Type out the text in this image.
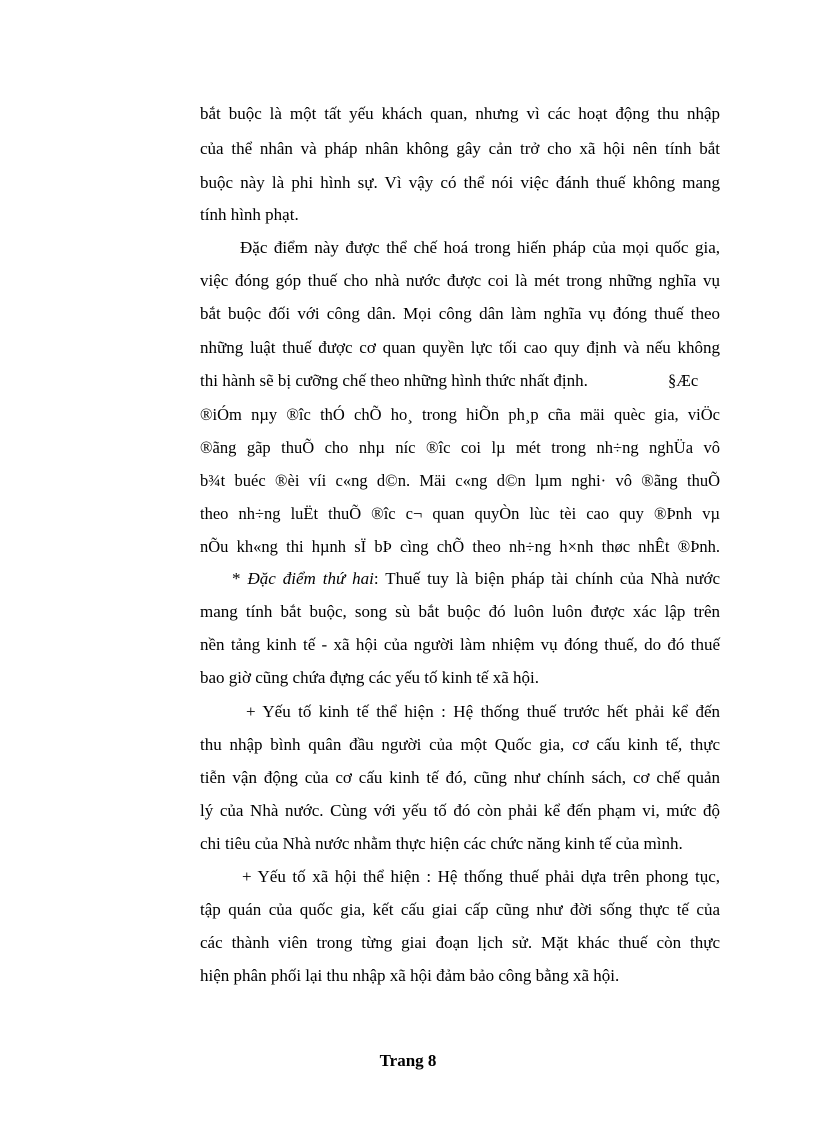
bắt buộc là một tất yếu khách quan, nhưng vì các hoạt động thu nhập
của thể nhân và pháp nhân không gây cản trở cho xã hội nên tính bắt
buộc này là phi hình sự. Vì vậy có thể nói việc đánh thuế không mang
tính hình phạt.
Đặc điểm này được thể chế hoá trong hiến pháp của mọi quốc gia,
việc đóng góp thuế cho nhà nước được coi là mét trong những nghĩa vụ
bắt buộc đối với công dân. Mọi công dân làm nghĩa vụ đóng thuế theo
những luật thuế được cơ quan quyền lực tối cao quy định và nếu không
thi hành sẽ bị cưỡng chế theo những hình thức nhất định.	§Æc
®iÓm nµy ®îc thÓ chÕ ho¸ trong hiÕn ph¸p cña mäi quèc gia, viÖc
®ãng gãp thuÕ cho nhµ níc ®îc coi lµ mét trong nh÷ng nghÜa vô
b¾t buéc ®èi víi c«ng d©n. Mäi c«ng d©n lµm nghi· vô ®ãng thuÕ
theo nh÷ng luËt thuÕ ®îc c¬ quan quyÒn lùc tèi cao quy ®Þnh vµ
nÕu kh«ng thi hµnh sÏ bÞ cìng chÕ theo nh÷ng h×nh thøc nhÊt ®Þnh.
* Đặc điểm thứ hai: Thuế tuy là biện pháp tài chính của Nhà nước
mang tính bắt buộc, song sù bắt buộc đó luôn luôn được xác lập trên
nền tảng kinh tế - xã hội của người làm nhiệm vụ đóng thuế, do đó thuế
bao giờ cũng chứa đựng các yếu tố kinh tế xã hội.
+ Yếu tố kinh tế thể hiện : Hệ thống thuế trước hết phải kể đến
thu nhập bình quân đầu người của một Quốc gia, cơ cấu kinh tế, thực
tiễn vận động của cơ cấu kinh tế đó, cũng như chính sách, cơ chế quản
lý của Nhà nước. Cùng với yếu tố đó còn phải kể đến phạm vi, mức độ
chi tiêu của Nhà nước nhằm thực hiện các chức năng kinh tế của mình.
+ Yếu tố xã hội thể hiện : Hệ thống thuế phải dựa trên phong tục,
tập quán của quốc gia, kết cấu giai cấp cũng như đời sống thực tế của
các thành viên trong từng giai đoạn lịch sử. Mặt khác thuế còn thực
hiện phân phối lại thu nhập xã hội đảm bảo công bằng xã hội.
Trang 8
